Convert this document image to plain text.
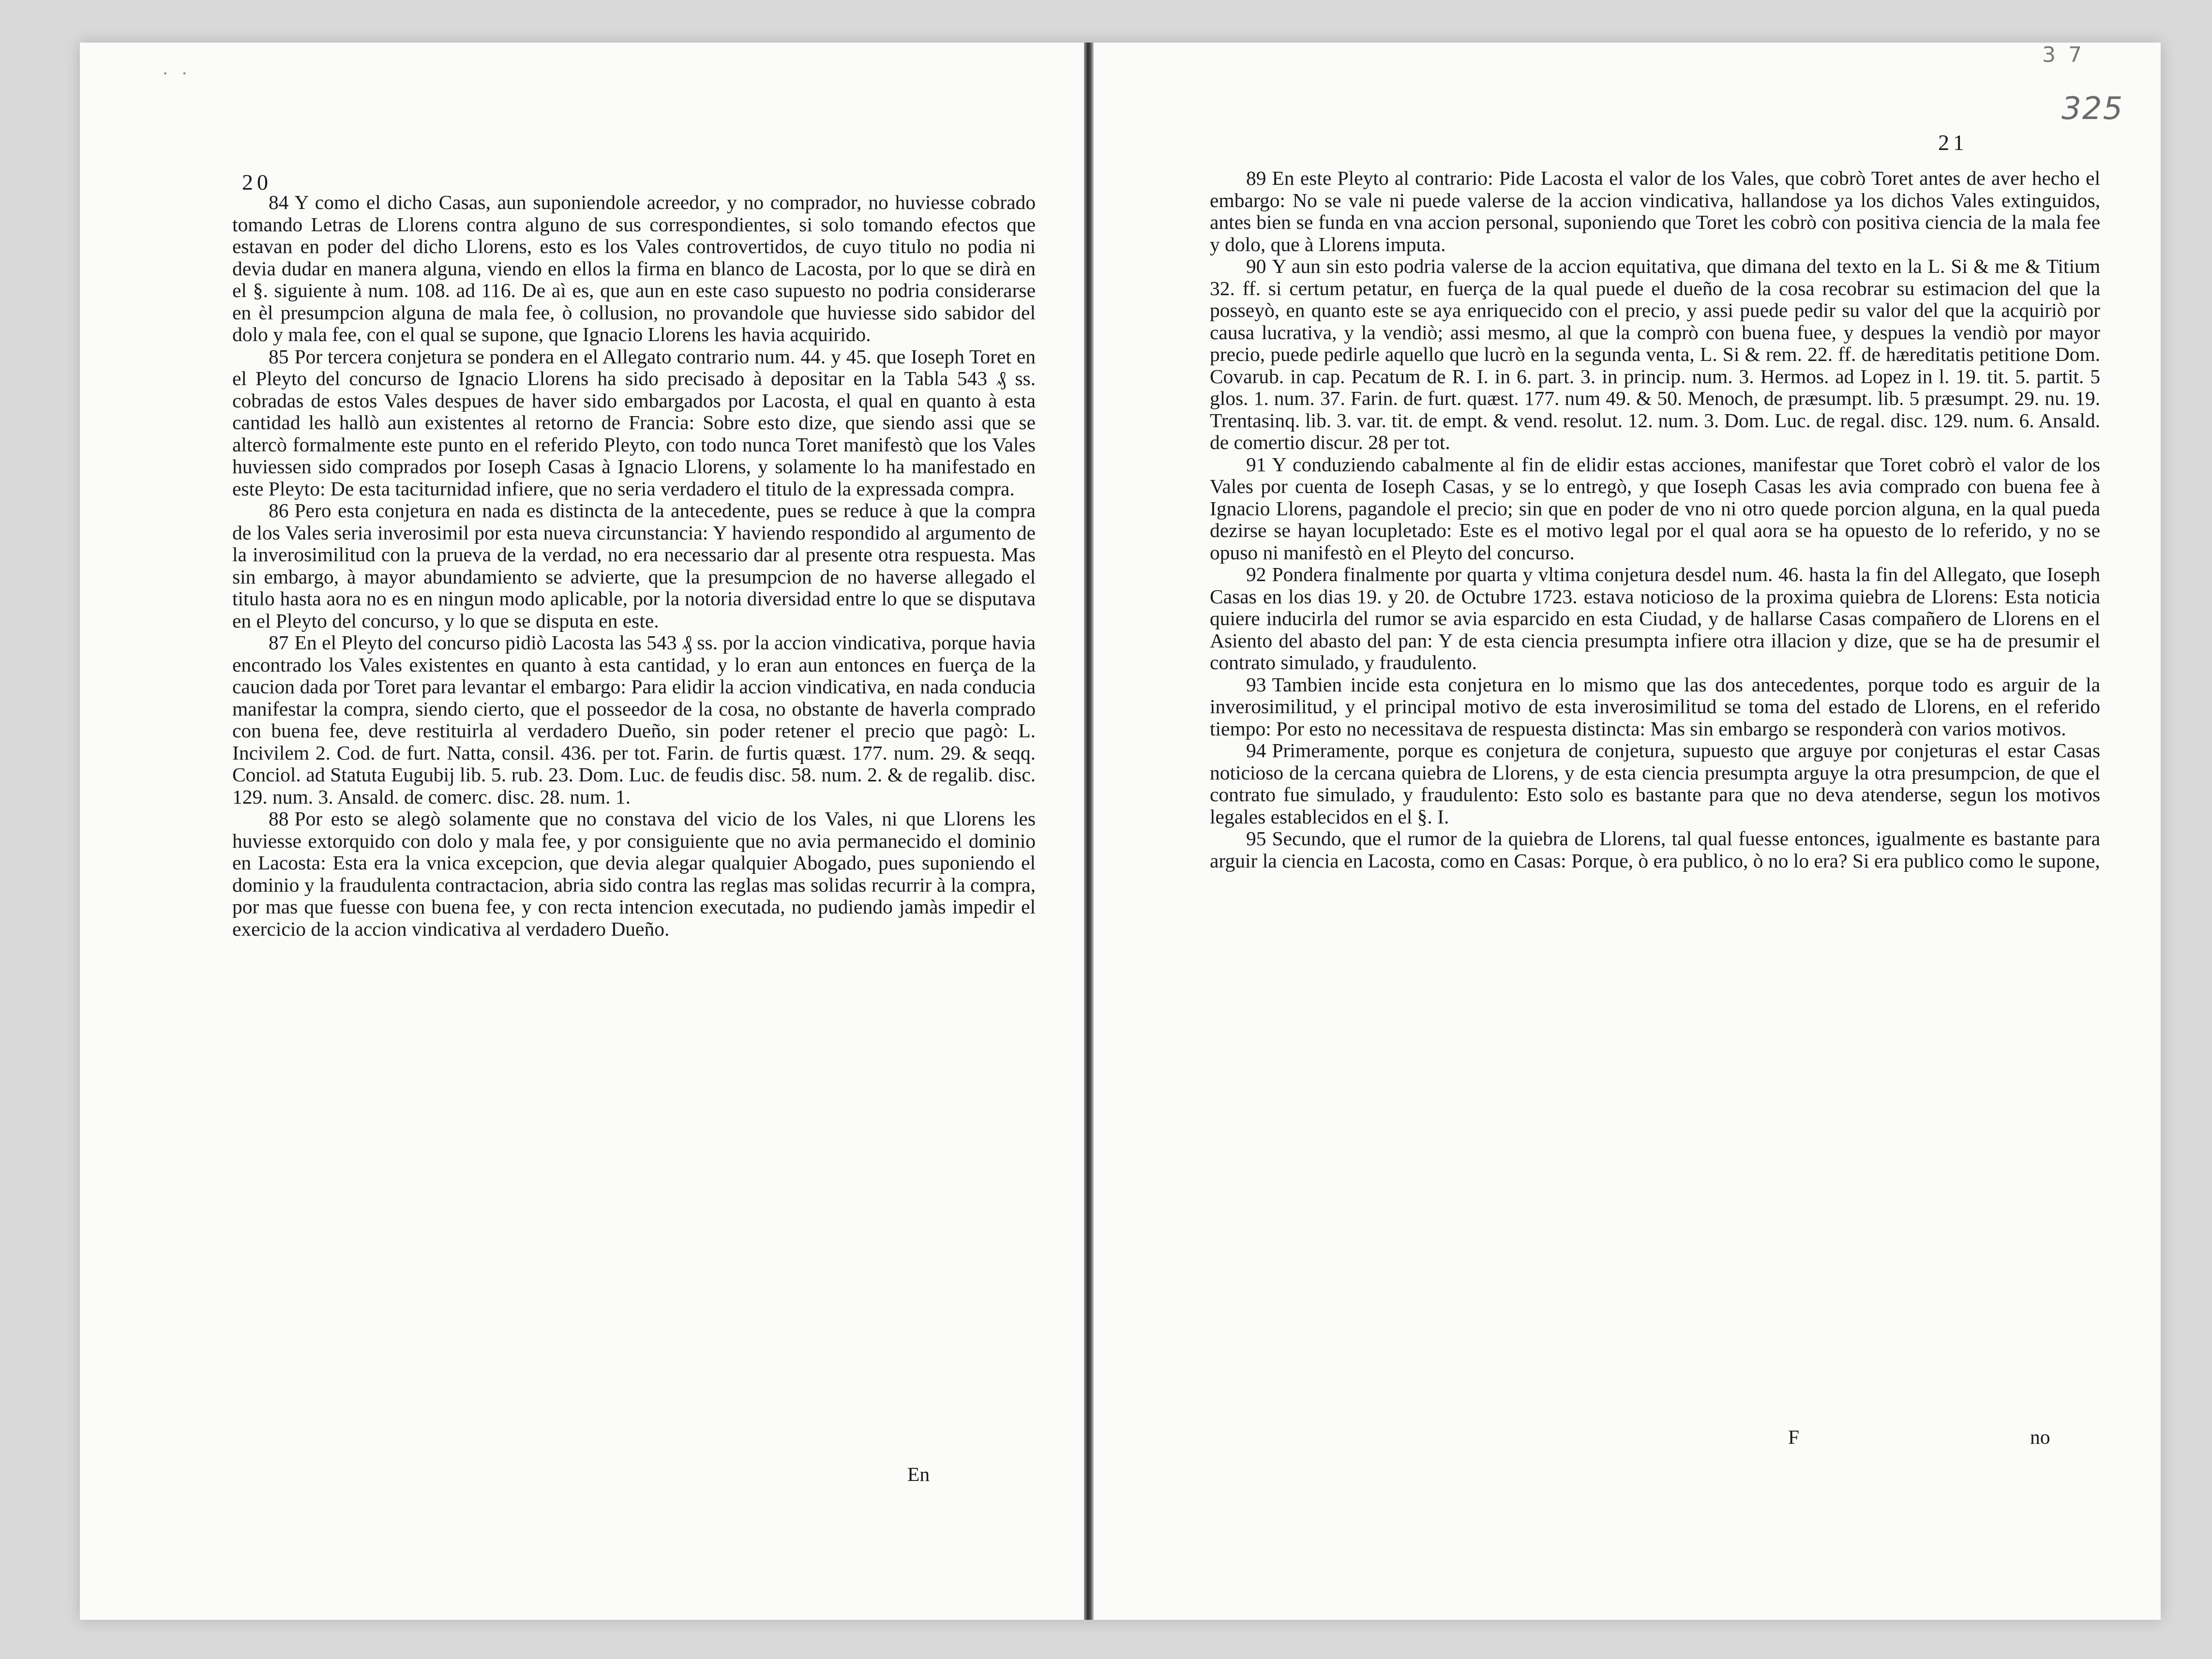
· ·
20

84 Y como el dicho Casas, aun suponiendole acreedor, y no comprador, no huviesse cobrado tomando Letras de Llorens contra alguno de sus correspondientes, si solo tomando efectos que estavan en poder del dicho Llorens, esto es los Vales controvertidos, de cuyo titulo no podia ni devia dudar en manera alguna, viendo en ellos la firma en blanco de Lacosta, por lo que se dirà en el §. siguiente à num. 108. ad 116. De aì es, que aun en este caso supuesto no podria considerarse en èl presumpcion alguna de mala fee, ò collusion, no provandole que huviesse sido sabidor del dolo y mala fee, con el qual se supone, que Ignacio Llorens les havia acquirido.

85 Por tercera conjetura se pondera en el Allegato contrario num. 44. y 45. que Ioseph Toret en el Pleyto del concurso de Ignacio Llorens ha sido precisado à depositar en la Tabla 543 ₰ ss. cobradas de estos Vales despues de haver sido embargados por Lacosta, el qual en quanto à esta cantidad les hallò aun existentes al retorno de Francia: Sobre esto dize, que siendo assi que se altercò formalmente este punto en el referido Pleyto, con todo nunca Toret manifestò que los Vales huviessen sido comprados por Ioseph Casas à Ignacio Llorens, y solamente lo ha manifestado en este Pleyto: De esta taciturnidad infiere, que no seria verdadero el titulo de la expressada compra.

86 Pero esta conjetura en nada es distincta de la antecedente, pues se reduce à que la compra de los Vales seria inverosimil por esta nueva circunstancia: Y haviendo respondido al argumento de la inverosimilitud con la prueva de la verdad, no era necessario dar al presente otra respuesta. Mas sin embargo, à mayor abundamiento se advierte, que la presumpcion de no haverse allegado el titulo hasta aora no es en ningun modo aplicable, por la notoria diversidad entre lo que se disputava en el Pleyto del concurso, y lo que se disputa en este.

87 En el Pleyto del concurso pidiò Lacosta las 543 ₰ ss. por la accion vindicativa, porque havia encontrado los Vales existentes en quanto à esta cantidad, y lo eran aun entonces en fuerça de la caucion dada por Toret para levantar el embargo: Para elidir la accion vindicativa, en nada conducia manifestar la compra, siendo cierto, que el posseedor de la cosa, no obstante de haverla comprado con buena fee, deve restituirla al verdadero Dueño, sin poder retener el precio que pagò: L. Incivilem 2. Cod. de furt. Natta, consil. 436. per tot. Farin. de furtis quæst. 177. num. 29. & seqq. Conciol. ad Statuta Eugubij lib. 5. rub. 23. Dom. Luc. de feudis disc. 58. num. 2. & de regalib. disc. 129. num. 3. Ansald. de comerc. disc. 28. num. 1.

88 Por esto se alegò solamente que no constava del vicio de los Vales, ni que Llorens les huviesse extorquido con dolo y mala fee, y por consiguiente que no avia permanecido el dominio en Lacosta: Esta era la vnica excepcion, que devia alegar qualquier Abogado, pues suponiendo el dominio y la fraudulenta contractacion, abria sido contra las reglas mas solidas recurrir à la compra, por mas que fuesse con buena fee, y con recta intencion executada, no pudiendo jamàs impedir el exercicio de la accion vindicativa al verdadero Dueño.

En
3 7
325
21

89 En este Pleyto al contrario: Pide Lacosta el valor de los Vales, que cobrò Toret antes de aver hecho el embargo: No se vale ni puede valerse de la accion vindicativa, hallandose ya los dichos Vales extinguidos, antes bien se funda en vna accion personal, suponiendo que Toret les cobrò con positiva ciencia de la mala fee y dolo, que à Llorens imputa.

90 Y aun sin esto podria valerse de la accion equitativa, que dimana del texto en la L. Si & me & Titium 32. ff. si certum petatur, en fuerça de la qual puede el dueño de la cosa recobrar su estimacion del que la posseyò, en quanto este se aya enriquecido con el precio, y assi puede pedir su valor del que la acquiriò por causa lucrativa, y la vendiò; assi mesmo, al que la comprò con buena fuee, y despues la vendiò por mayor precio, puede pedirle aquello que lucrò en la segunda venta, L. Si & rem. 22. ff. de hæreditatis petitione Dom. Covarub. in cap. Pecatum de R. I. in 6. part. 3. in princip. num. 3. Hermos. ad Lopez in l. 19. tit. 5. partit. 5 glos. 1. num. 37. Farin. de furt. quæst. 177. num 49. & 50. Menoch, de præsumpt. lib. 5 præsumpt. 29. nu. 19. Trentasinq. lib. 3. var. tit. de empt. & vend. resolut. 12. num. 3. Dom. Luc. de regal. disc. 129. num. 6. Ansald. de comertio discur. 28 per tot.

91 Y conduziendo cabalmente al fin de elidir estas acciones, manifestar que Toret cobrò el valor de los Vales por cuenta de Ioseph Casas, y se lo entregò, y que Ioseph Casas les avia comprado con buena fee à Ignacio Llorens, pagandole el precio; sin que en poder de vno ni otro quede porcion alguna, en la qual pueda dezirse se hayan locupletado: Este es el motivo legal por el qual aora se ha opuesto de lo referido, y no se opuso ni manifestò en el Pleyto del concurso.

92 Pondera finalmente por quarta y vltima conjetura desdel num. 46. hasta la fin del Allegato, que Ioseph Casas en los dias 19. y 20. de Octubre 1723. estava noticioso de la proxima quiebra de Llorens: Esta noticia quiere inducirla del rumor se avia esparcido en esta Ciudad, y de hallarse Casas compañero de Llorens en el Asiento del abasto del pan: Y de esta ciencia presumpta infiere otra illacion y dize, que se ha de presumir el contrato simulado, y fraudulento.

93 Tambien incide esta conjetura en lo mismo que las dos antecedentes, porque todo es arguir de la inverosimilitud, y el principal motivo de esta inverosimilitud se toma del estado de Llorens, en el referido tiempo: Por esto no necessitava de respuesta distincta: Mas sin embargo se responderà con varios motivos.

94 Primeramente, porque es conjetura de conjetura, supuesto que arguye por conjeturas el estar Casas noticioso de la cercana quiebra de Llorens, y de esta ciencia presumpta arguye la otra presumpcion, de que el contrato fue simulado, y fraudulento: Esto solo es bastante para que no deva atenderse, segun los motivos legales establecidos en el §. I.

95 Secundo, que el rumor de la quiebra de Llorens, tal qual fuesse entonces, igualmente es bastante para arguir la ciencia en Lacosta, como en Casas: Porque, ò era publico, ò no lo era? Si era publico como le supone,

F	no
